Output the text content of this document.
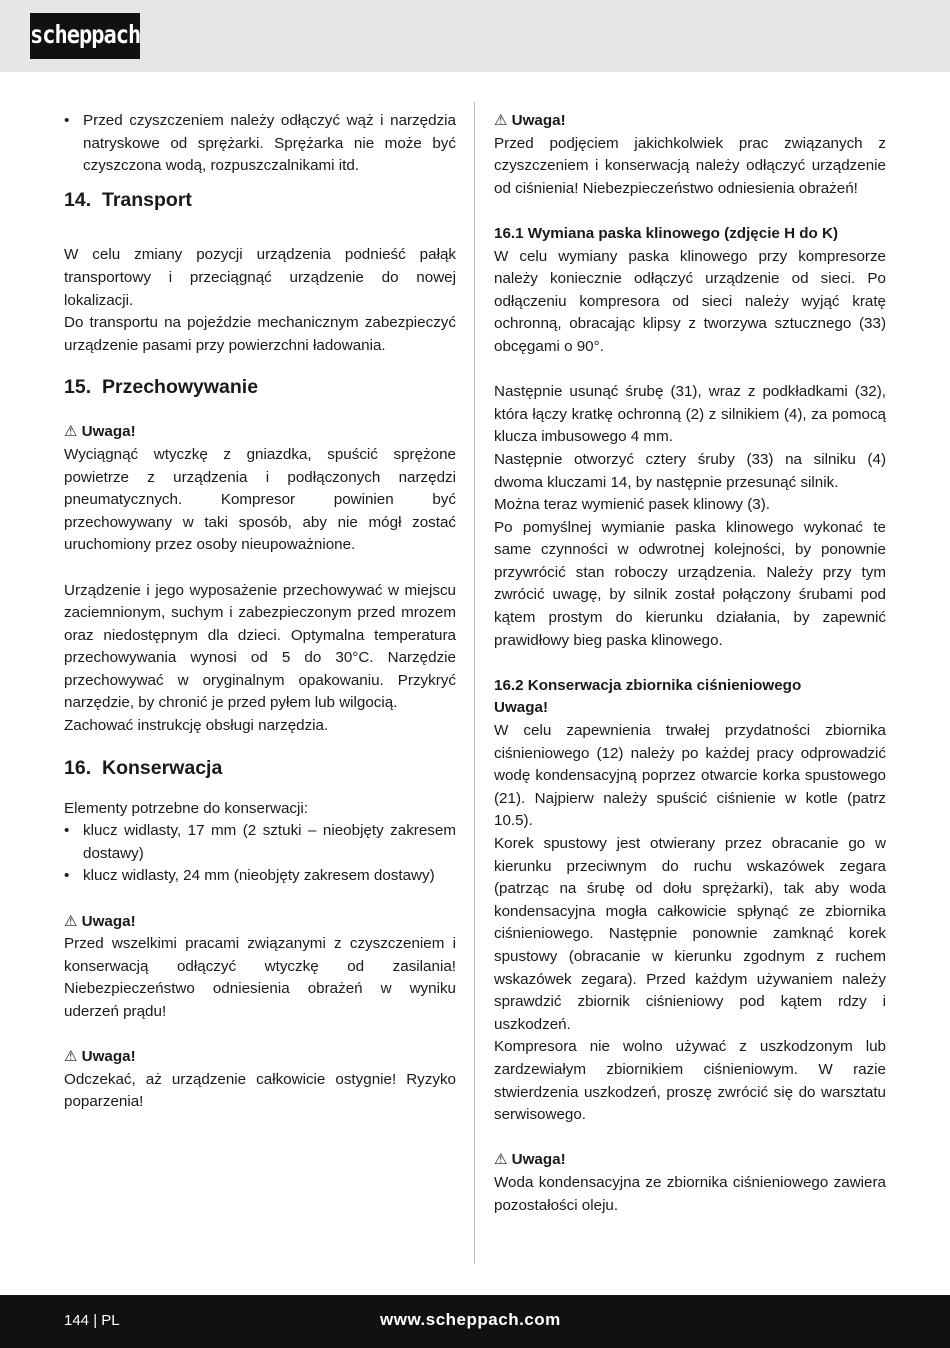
scheppach
• Przed czyszczeniem należy odłączyć wąż i narzędzia natryskowe od sprężarki. Sprężarka nie może być czyszczona wodą, rozpuszczalnikami itd.
14. Transport

W celu zmiany pozycji urządzenia podnieść pałąk transportowy i przeciągnąć urządzenie do nowej lokalizacji.

Do transportu na pojeździe mechanicznym zabezpieczyć urządzenie pasami przy powierzchni ładowania.

15. Przechowywanie

⚠ Uwaga!

Wyciągnąć wtyczkę z gniazdka, spuścić sprężone powietrze z urządzenia i podłączonych narzędzi pneumatycznych. Kompresor powinien być przechowywany w taki sposób, aby nie mógł zostać uruchomiony przez osoby nieupoważnione.

Urządzenie i jego wyposażenie przechowywać w miejscu zaciemnionym, suchym i zabezpieczonym przed mrozem oraz niedostępnym dla dzieci. Optymalna temperatura przechowywania wynosi od 5 do 30°C. Narzędzie przechowywać w oryginalnym opakowaniu. Przykryć narzędzie, by chronić je przed pyłem lub wilgocią.

Zachować instrukcję obsługi narzędzia.

16. Konserwacja

Elementy potrzebne do konserwacji:

• klucz widlasty, 17 mm (2 sztuki – nieobjęty zakresem dostawy)
• klucz widlasty, 24 mm (nieobjęty zakresem dostawy)

⚠ Uwaga!

Przed wszelkimi pracami związanymi z czyszczeniem i konserwacją odłączyć wtyczkę od zasilania! Niebezpieczeństwo odniesienia obrażeń w wyniku uderzeń prądu!

⚠ Uwaga!

Odczekać, aż urządzenie całkowicie ostygnie! Ryzyko poparzenia!

⚠ Uwaga!

Przed podjęciem jakichkolwiek prac związanych z czyszczeniem i konserwacją należy odłączyć urządzenie od ciśnienia! Niebezpieczeństwo odniesienia obrażeń!

16.1 Wymiana paska klinowego (zdjęcie H do K)

W celu wymiany paska klinowego przy kompresorze należy koniecznie odłączyć urządzenie od sieci. Po odłączeniu kompresora od sieci należy wyjąć kratę ochronną, obracając klipsy z tworzywa sztucznego (33) obcęgami o 90°.

Następnie usunąć śrubę (31), wraz z podkładkami (32), która łączy kratkę ochronną (2) z silnikiem (4), za pomocą klucza imbusowego 4 mm.

Następnie otworzyć cztery śruby (33) na silniku (4) dwoma kluczami 14, by następnie przesunąć silnik.

Można teraz wymienić pasek klinowy (3).

Po pomyślnej wymianie paska klinowego wykonać te same czynności w odwrotnej kolejności, by ponownie przywrócić stan roboczy urządzenia. Należy przy tym zwrócić uwagę, by silnik został połączony śrubami pod kątem prostym do kierunku działania, by zapewnić prawidłowy bieg paska klinowego.

16.2 Konserwacja zbiornika ciśnieniowego

Uwaga!

W celu zapewnienia trwałej przydatności zbiornika ciśnieniowego (12) należy po każdej pracy odprowadzić wodę kondensacyjną poprzez otwarcie korka spustowego (21). Najpierw należy spuścić ciśnienie w kotle (patrz 10.5).

Korek spustowy jest otwierany przez obracanie go w kierunku przeciwnym do ruchu wskazówek zegara (patrząc na śrubę od dołu sprężarki), tak aby woda kondensacyjna mogła całkowicie spłynąć ze zbiornika ciśnieniowego. Następnie ponownie zamknąć korek spustowy (obracanie w kierunku zgodnym z ruchem wskazówek zegara). Przed każdym używaniem należy sprawdzić zbiornik ciśnieniowy pod kątem rdzy i uszkodzeń.

Kompresora nie wolno używać z uszkodzonym lub zardzewiałym zbiornikiem ciśnieniowym. W razie stwierdzenia uszkodzeń, proszę zwrócić się do warsztatu serwisowego.

⚠ Uwaga!

Woda kondensacyjna ze zbiornika ciśnieniowego zawiera pozostałości oleju.

144 | PL	www.scheppach.com
